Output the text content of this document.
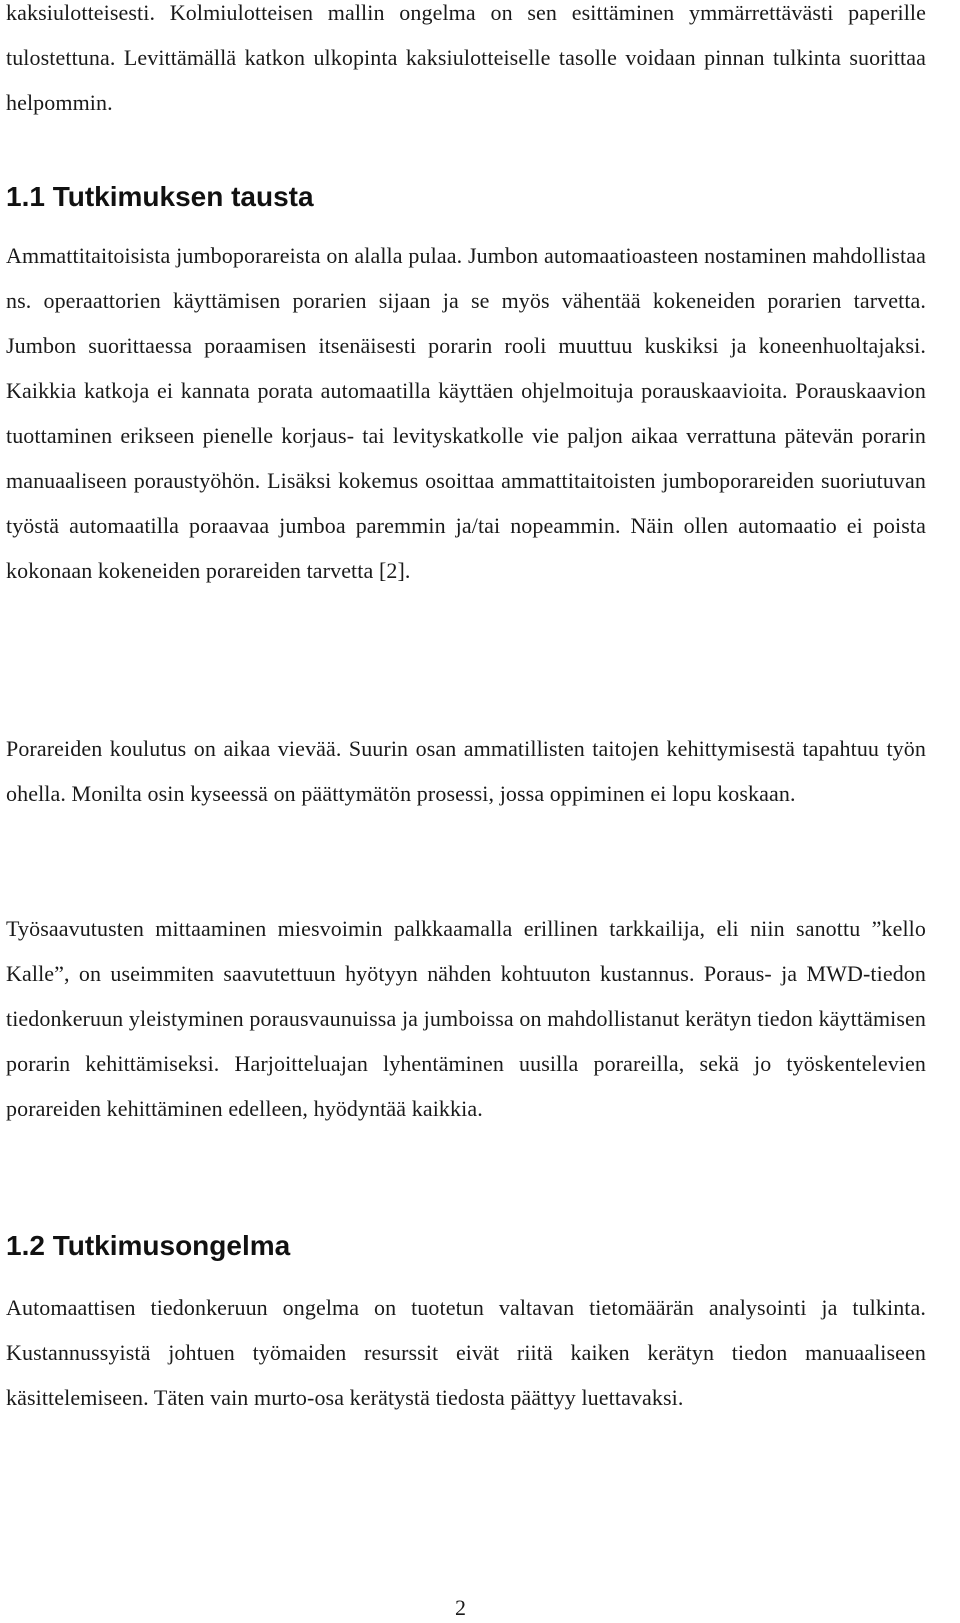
kaksiulotteisesti. Kolmiulotteisen mallin ongelma on sen esittäminen ymmärrettävästi paperille tulostettuna. Levittämällä katkon ulkopinta kaksiulotteiselle tasolle voidaan pinnan tulkinta suorittaa helpommin.

1.1 Tutkimuksen tausta

Ammattitaitoisista jumboporareista on alalla pulaa. Jumbon automaatioasteen nostaminen mahdollistaa ns. operaattorien käyttämisen porarien sijaan ja se myös vähentää kokeneiden porarien tarvetta. Jumbon suorittaessa poraamisen itsenäisesti porarin rooli muuttuu kuskiksi ja koneenhuoltajaksi. Kaikkia katkoja ei kannata porata automaatilla käyttäen ohjelmoituja porauskaavioita. Porauskaavion tuottaminen erikseen pienelle korjaus- tai levityskatkolle vie paljon aikaa verrattuna pätevän porarin manuaaliseen poraustyöhön. Lisäksi kokemus osoittaa ammattitaitoisten jumboporareiden suoriutuvan työstä automaatilla poraavaa jumboa paremmin ja/tai nopeammin. Näin ollen automaatio ei poista kokonaan kokeneiden porareiden tarvetta [2].

Porareiden koulutus on aikaa vievää. Suurin osan ammatillisten taitojen kehittymisestä tapahtuu työn ohella. Monilta osin kyseessä on päättymätön prosessi, jossa oppiminen ei lopu koskaan.

Työsaavutusten mittaaminen miesvoimin palkkaamalla erillinen tarkkailija, eli niin sanottu ”kello Kalle”, on useimmiten saavutettuun hyötyyn nähden kohtuuton kustannus. Poraus- ja MWD-tiedon tiedonkeruun yleistyminen porausvaunuissa ja jumboissa on mahdollistanut kerätyn tiedon käyttämisen porarin kehittämiseksi. Harjoitteluajan lyhentäminen uusilla porareilla, sekä jo työskentelevien porareiden kehittäminen edelleen, hyödyntää kaikkia.

1.2 Tutkimusongelma

Automaattisen tiedonkeruun ongelma on tuotetun valtavan tietomäärän analysointi ja tulkinta. Kustannussyistä johtuen työmaiden resurssit eivät riitä kaiken kerätyn tiedon manuaaliseen käsittelemiseen. Täten vain murto-osa kerätystä tiedosta päättyy luettavaksi.

2
